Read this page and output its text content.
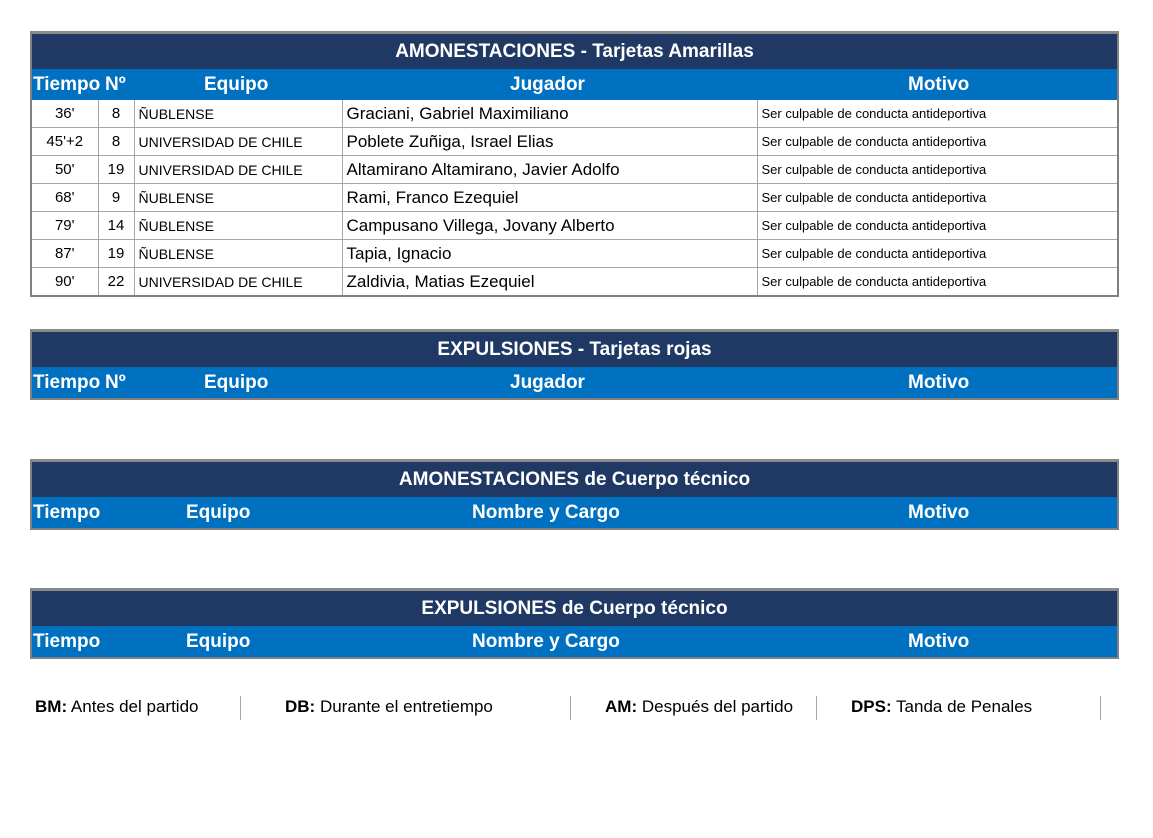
AMONESTACIONES - Tarjetas Amarillas
Tiempo Nº	Equipo	Jugador	Motivo
36'	8	ÑUBLENSE	Graciani, Gabriel Maximiliano	Ser culpable de conducta antideportiva
45'+2	8	UNIVERSIDAD DE CHILE	Poblete Zuñiga, Israel Elias	Ser culpable de conducta antideportiva
50'	19	UNIVERSIDAD DE CHILE	Altamirano Altamirano, Javier Adolfo	Ser culpable de conducta antideportiva
68'	9	ÑUBLENSE	Rami, Franco Ezequiel	Ser culpable de conducta antideportiva
79'	14	ÑUBLENSE	Campusano Villega, Jovany Alberto	Ser culpable de conducta antideportiva
87'	19	ÑUBLENSE	Tapia, Ignacio	Ser culpable de conducta antideportiva
90'	22	UNIVERSIDAD DE CHILE	Zaldivia, Matias Ezequiel	Ser culpable de conducta antideportiva
EXPULSIONES - Tarjetas rojas
Tiempo Nº	Equipo	Jugador	Motivo
AMONESTACIONES de Cuerpo técnico
Tiempo	Equipo	Nombre y Cargo	Motivo
EXPULSIONES de Cuerpo técnico
Tiempo	Equipo	Nombre y Cargo	Motivo
BM: Antes del partido	DB: Durante el entretiempo	AM: Después del partido	DPS: Tanda de Penales
